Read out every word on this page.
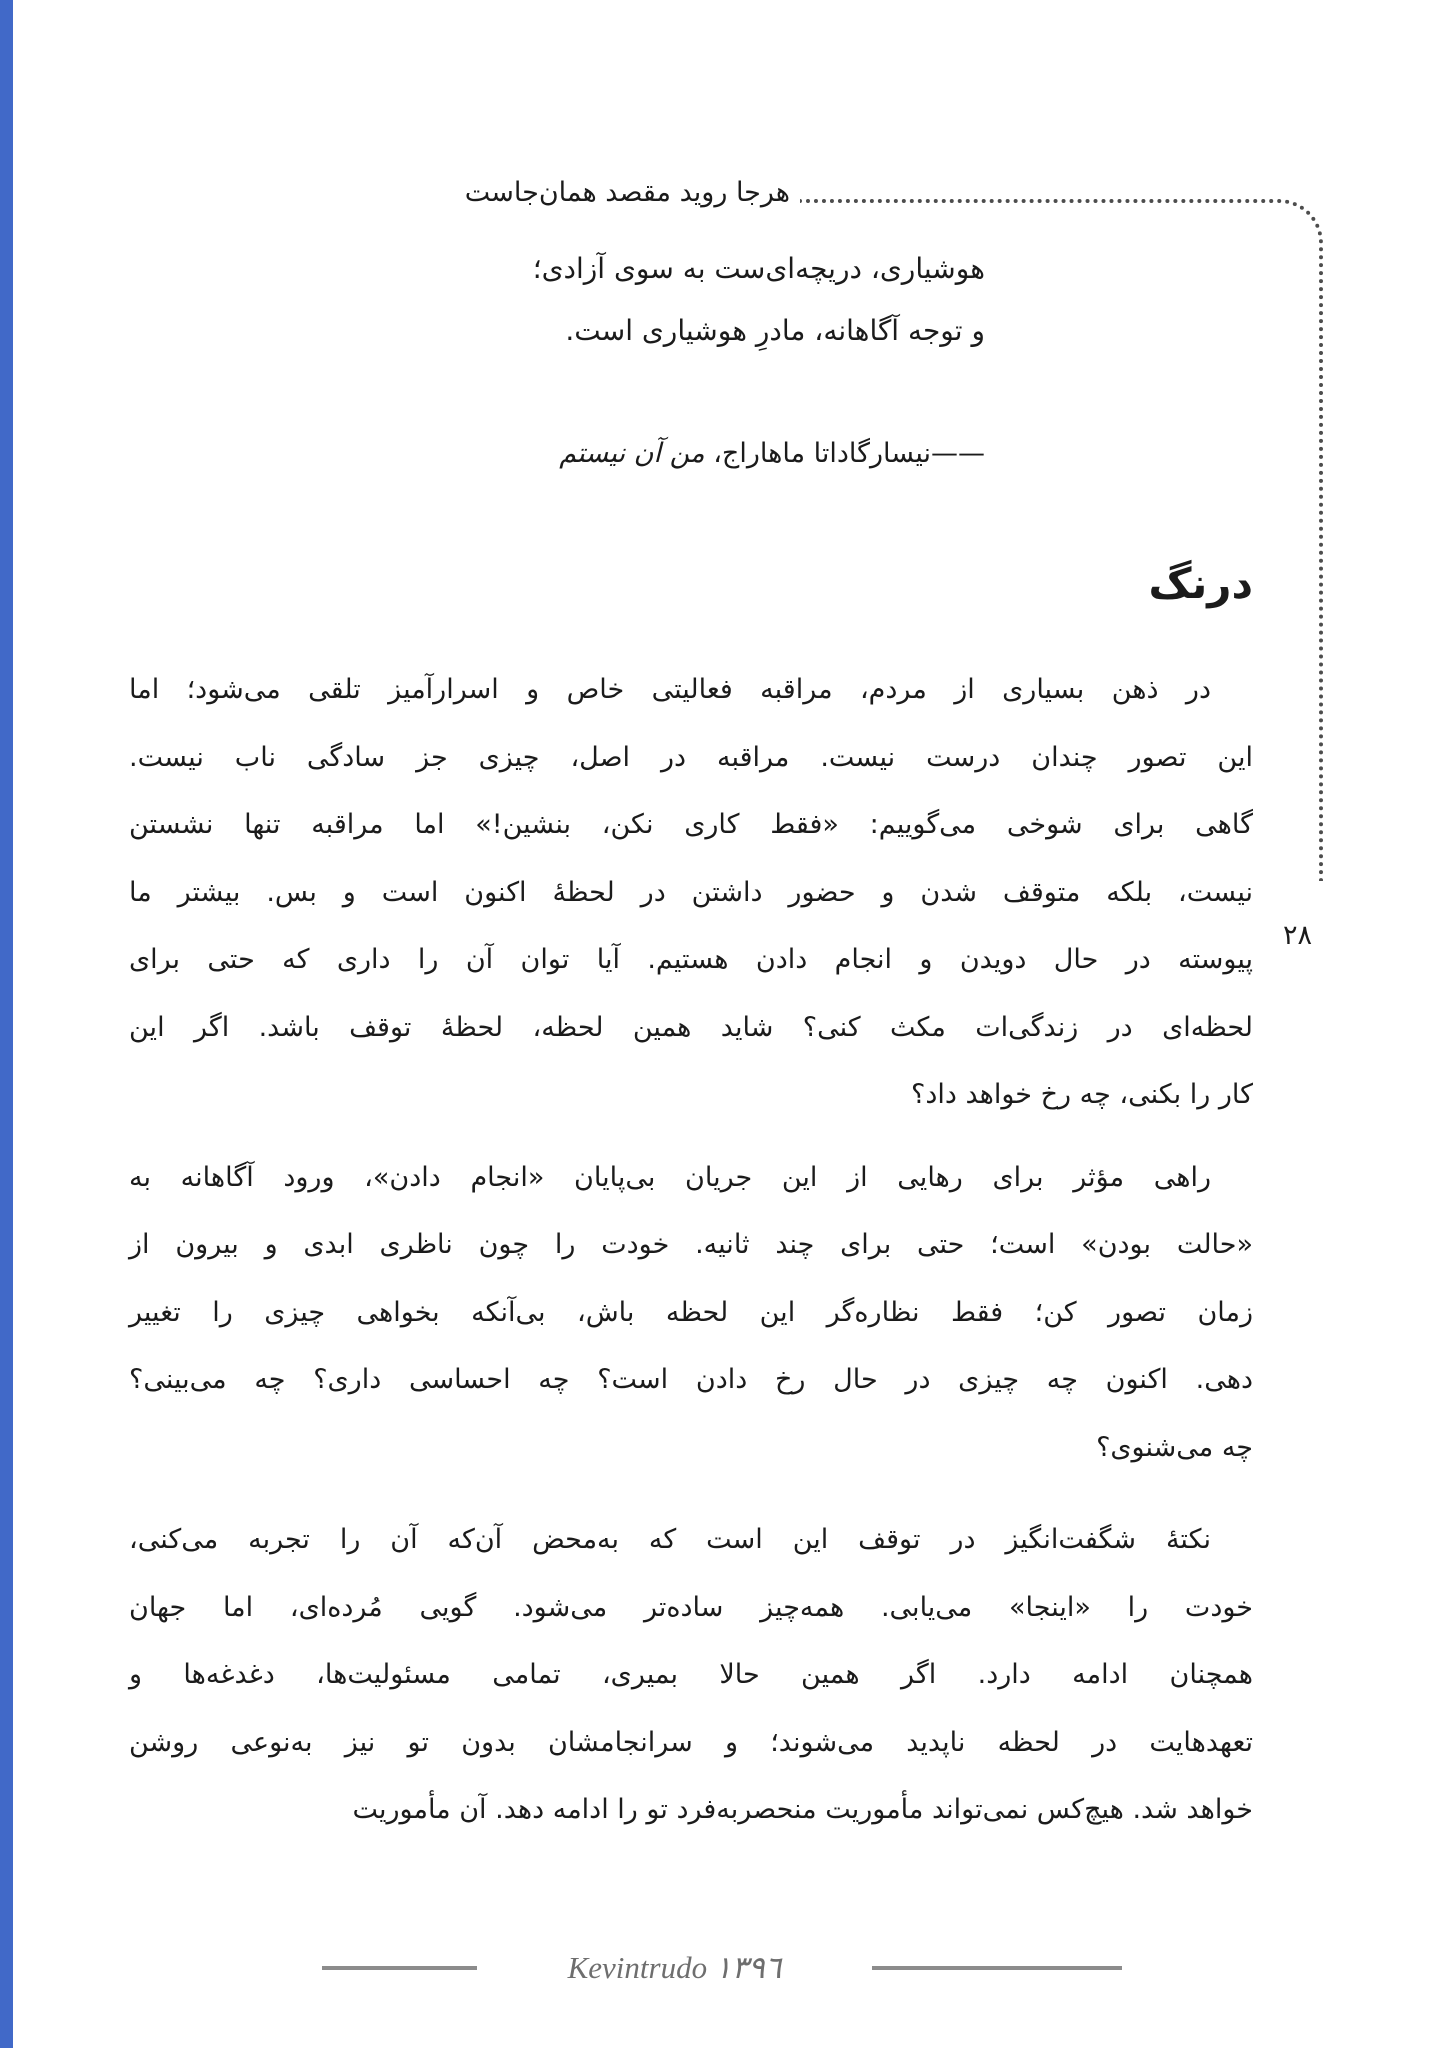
هرجا روید مقصد همان‌جاست
هوشیاری، دریچه‌ای‌ست به سوی آزادی؛
و توجه آگاهانه، مادرِ هوشیاری است.
——نیسارگاداتا ماهاراج، من آن نیستم
درنگ
در ذهن بسیاری از مردم، مراقبه فعالیتی خاص و اسرارآمیز تلقی می‌شود؛ اما
این تصور چندان درست نیست. مراقبه در اصل، چیزی جز سادگی ناب نیست.
گاهی برای شوخی می‌گوییم: «فقط کاری نکن، بنشین!» اما مراقبه تنها نشستن
نیست، بلکه متوقف شدن و حضور داشتن در لحظهٔ اکنون است و بس. بیشتر ما
پیوسته در حال دویدن و انجام دادن هستیم. آیا توان آن را داری که حتی برای
لحظه‌ای در زندگی‌ات مکث کنی؟ شاید همین لحظه، لحظهٔ توقف باشد. اگر این
کار را بکنی، چه رخ خواهد داد؟
راهی مؤثر برای رهایی از این جریان بی‌پایان «انجام دادن»، ورود آگاهانه به
«حالت بودن» است؛ حتی برای چند ثانیه. خودت را چون ناظری ابدی و بیرون از
زمان تصور کن؛ فقط نظاره‌گر این لحظه باش، بی‌آنکه بخواهی چیزی را تغییر
دهی. اکنون چه چیزی در حال رخ دادن است؟ چه احساسی داری؟ چه می‌بینی؟
چه می‌شنوی؟
نکتهٔ شگفت‌انگیز در توقف این است که به‌محض آن‌که آن را تجربه می‌کنی،
خودت را «اینجا» می‌یابی. همه‌چیز ساده‌تر می‌شود. گویی مُرده‌ای، اما جهان
همچنان ادامه دارد. اگر همین حالا بمیری، تمامی مسئولیت‌ها، دغدغه‌ها و
تعهدهایت در لحظه ناپدید می‌شوند؛ و سرانجامشان بدون تو نیز به‌نوعی روشن
خواهد شد. هیچ‌کس نمی‌تواند مأموریت منحصربه‌فرد تو را ادامه دهد. آن مأموریت
۲۸
Kevintrudo ۱۳۹٦
